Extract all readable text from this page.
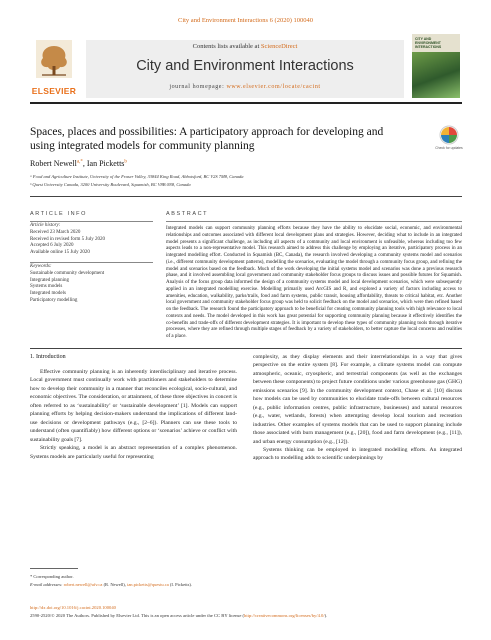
City and Environment Interactions 6 (2020) 100040
ELSEVIER
Contents lists available at ScienceDirect
City and Environment Interactions
journal homepage: www.elsevier.com/locate/cacint
CITY AND ENVIRONMENT INTERACTIONS
Spaces, places and possibilities: A participatory approach for developing and using integrated models for community planning	Check for updates
Robert Newell$^{a,*}$, Ian Picketts$^b$
ᵃ Food and Agriculture Institute, University of the Fraser Valley, 33844 King Road, Abbotsford, BC V2S 7M8, Canada
ᵇ Quest University Canada, 3200 University Boulevard, Squamish, BC V8B 0N8, Canada
ARTICLE INFO
Article history:
Received 23 March 2020
Received in revised form 5 July 2020
Accepted 6 July 2020
Available online 15 July 2020
Keywords:
Sustainable community development
Integrated planning
Systems models
Integrated models
Participatory modelling
ABSTRACT
Integrated models can support community planning efforts because they have the ability to elucidate social, economic, and environmental relationships and outcomes associated with different local development plans and strategies. However, deciding what to include in an integrated model presents a significant challenge, as including all aspects of a community and local environment is unfeasible, whereas including too few aspects leads to a non-representative model. This research aimed to address this challenge by employing an iterative, participatory process in an integrated modelling effort. Conducted in Squamish (BC, Canada), the research involved developing a community systems model and scenarios (i.e., different community development patterns), modelling the scenarios, evaluating the model through a community focus group, and refining the model and scenarios based on the feedback. Much of the work developing the initial systems model and scenarios was done a previous research phase, and it involved assembling local government and community stakeholder focus groups to discuss issues and possible futures for Squamish. Analysis of the focus group data informed the design of a community systems model and local development scenarios, which were subsequently applied in an integrated modelling exercise. Modelling primarily used ArcGIS and R, and explored a variety of factors including access to amenities, education, walkability, parks/trails, food and farm systems, public transit, housing affordability, threats to critical habitat, etc. Another local government and community stakeholder focus group was held to solicit feedback on the model and scenarios, which were then refined based on the feedback. The research found the participatory approach to be beneficial for creating community planning tools with high relevance to local contexts and needs. The model developed in this work has great potential for supporting community planning because it effectively identifies the co-benefits and trade-offs of different development strategies. It is important to develop these types of community planning tools through iterative processes, where they are refined through multiple stages of feedback by a variety of stakeholders, to better capture the local concerns and realities of a place.
1. Introduction

Effective community planning is an inherently interdisciplinary and iterative process. Local government must continually work with practitioners and stakeholders to determine how to develop their community in a manner that reconciles ecological, socio-cultural, and economic objectives. The consideration, or attainment, of these three objectives in concert is often referred to as ‘sustainability’ or ‘sustainable development’ [1]. Models can support planning efforts by helping decision-makers understand the implications of different land-use decisions or development pathways (e.g., [2–6]). Planners can use these tools to understand (often quantifiably) how different options or ‘scenarios’ achieve or conflict with sustainability goals [7].

Strictly speaking, a model is an abstract representation of a complex phenomenon. Systems models are particularly useful for representing

complexity, as they display elements and their interrelationships in a way that gives perspective on the entire system [8]. For example, a climate systems model can compute atmospheric, oceanic, cryospheric, and terrestrial components (as well as the exchanges between these components) to project future conditions under various greenhouse gas (GHG) emissions scenarios [9]. In the community development context, Chase et al. [10] discuss how models can be used by communities to elucidate trade-offs between cultural resources (e.g., public information centres, public infrastructure, businesses) and natural resources (e.g., water, wetlands, forests) when attempting develop local tourism and recreation industries. Other examples of systems models that can be used to support planning include those associated with burn management (e.g., [20]), food and farm development (e.g., [11]), and urban energy consumption (e.g., [12]).

Systems thinking can be employed in integrated modelling efforts. An integrated approach to modelling adds to scientific underpinnings by

* Corresponding author.
E-mail addresses: robert.newell@ufv.ca (R. Newell), ian.picketts@questu.ca (I. Picketts).
http://dx.doi.org/10.1016/j.cacint.2020.100040
2590-2520/© 2020 The Authors. Published by Elsevier Ltd. This is an open access article under the CC BY license (http://creativecommons.org/licenses/by/4.0/).
